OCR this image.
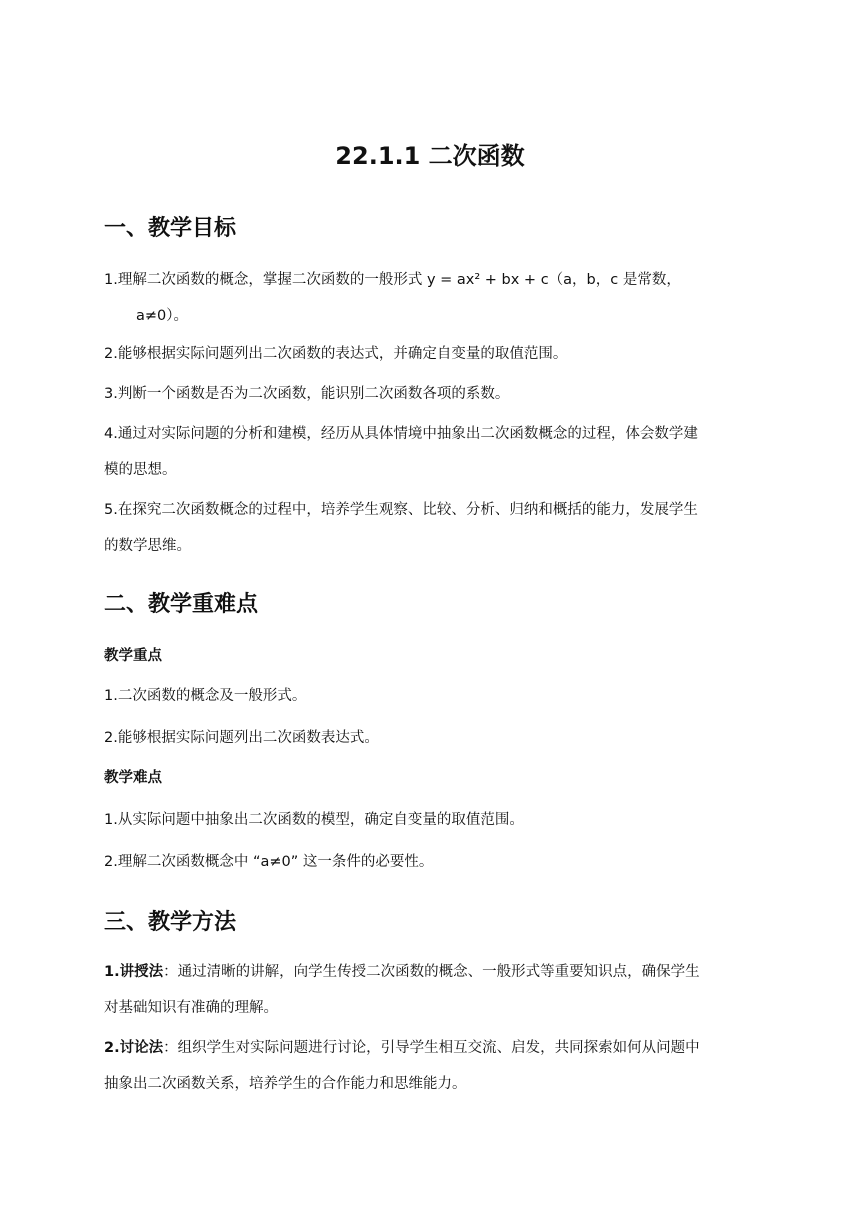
22.1.1 二次函数
一、教学目标
1.理解二次函数的概念，掌握二次函数的一般形式 y = ax² + bx + c（a，b，c 是常数，
a≠0）。
2.能够根据实际问题列出二次函数的表达式，并确定自变量的取值范围。
3.判断一个函数是否为二次函数，能识别二次函数各项的系数。
4.通过对实际问题的分析和建模，经历从具体情境中抽象出二次函数概念的过程，体会数学建
模的思想。
5.在探究二次函数概念的过程中，培养学生观察、比较、分析、归纳和概括的能力，发展学生
的数学思维。
二、教学重难点
教学重点
1.二次函数的概念及一般形式。
2.能够根据实际问题列出二次函数表达式。
教学难点
1.从实际问题中抽象出二次函数的模型，确定自变量的取值范围。
2.理解二次函数概念中 “a≠0” 这一条件的必要性。
三、教学方法
1.讲授法：通过清晰的讲解，向学生传授二次函数的概念、一般形式等重要知识点，确保学生
对基础知识有准确的理解。
2.讨论法：组织学生对实际问题进行讨论，引导学生相互交流、启发，共同探索如何从问题中
抽象出二次函数关系，培养学生的合作能力和思维能力。
